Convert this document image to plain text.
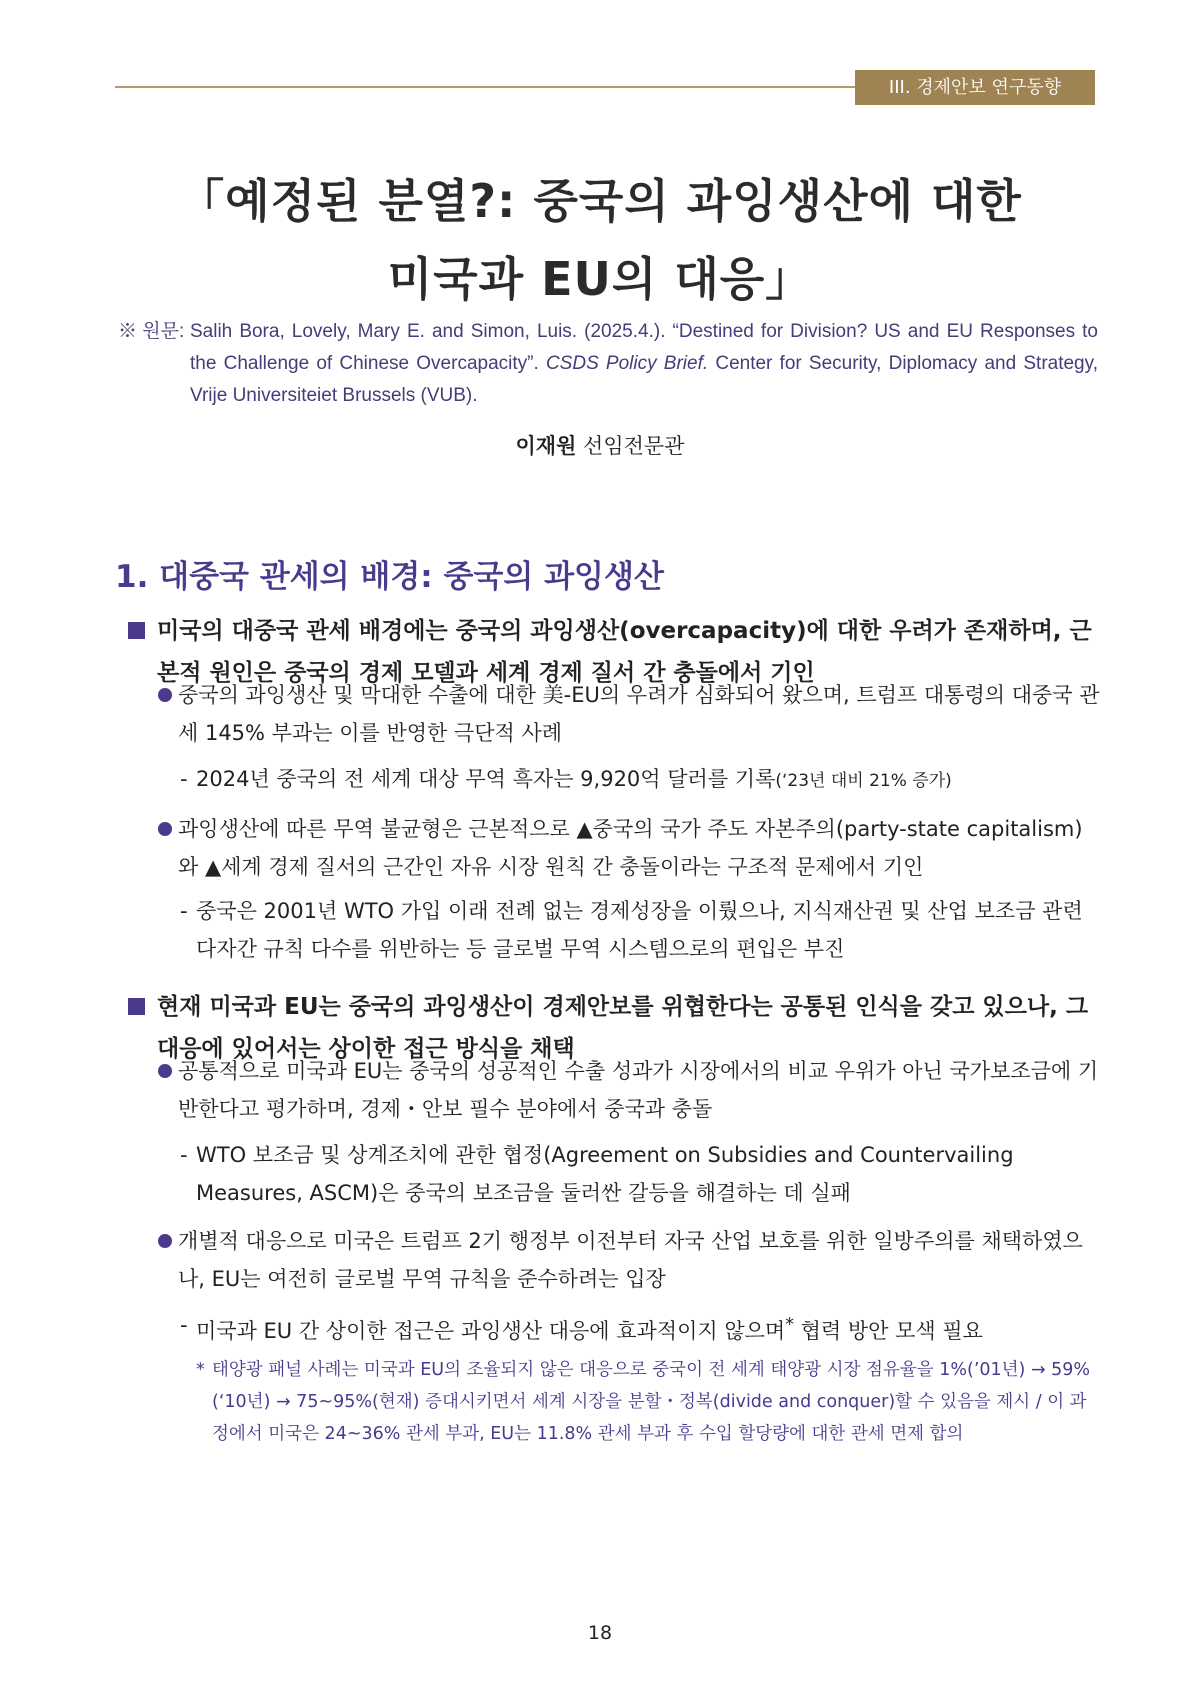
III. 경제안보 연구동향
「예정된 분열?: 중국의 과잉생산에 대한
미국과 EU의 대응」
※ 원문: Salih Bora, Lovely, Mary E. and Simon, Luis. (2025.4.). “Destined for Division? US and EU Responses to the Challenge of Chinese Overcapacity”. CSDS Policy Brief. Center for Security, Diplomacy and Strategy, Vrije Universiteiet Brussels (VUB).
이재원 선임전문관
1. 대중국 관세의 배경: 중국의 과잉생산
미국의 대중국 관세 배경에는 중국의 과잉생산(overcapacity)에 대한 우려가 존재하며, 근본적 원인은 중국의 경제 모델과 세계 경제 질서 간 충돌에서 기인
중국의 과잉생산 및 막대한 수출에 대한 美-EU의 우려가 심화되어 왔으며, 트럼프 대통령의 대중국 관세 145% 부과는 이를 반영한 극단적 사례
- 2024년 중국의 전 세계 대상 무역 흑자는 9,920억 달러를 기록(‘23년 대비 21% 증가)
과잉생산에 따른 무역 불균형은 근본적으로 ▲중국의 국가 주도 자본주의(party-state capitalism)와 ▲세계 경제 질서의 근간인 자유 시장 원칙 간 충돌이라는 구조적 문제에서 기인
- 중국은 2001년 WTO 가입 이래 전례 없는 경제성장을 이뤘으나, 지식재산권 및 산업 보조금 관련 다자간 규칙 다수를 위반하는 등 글로벌 무역 시스템으로의 편입은 부진
현재 미국과 EU는 중국의 과잉생산이 경제안보를 위협한다는 공통된 인식을 갖고 있으나, 그 대응에 있어서는 상이한 접근 방식을 채택
공통적으로 미국과 EU는 중국의 성공적인 수출 성과가 시장에서의 비교 우위가 아닌 국가보조금에 기반한다고 평가하며, 경제・안보 필수 분야에서 중국과 충돌
- WTO 보조금 및 상계조치에 관한 협정(Agreement on Subsidies and Countervailing Measures, ASCM)은 중국의 보조금을 둘러싼 갈등을 해결하는 데 실패
개별적 대응으로 미국은 트럼프 2기 행정부 이전부터 자국 산업 보호를 위한 일방주의를 채택하였으나, EU는 여전히 글로벌 무역 규칙을 준수하려는 입장
- 미국과 EU 간 상이한 접근은 과잉생산 대응에 효과적이지 않으며* 협력 방안 모색 필요
* 태양광 패널 사례는 미국과 EU의 조율되지 않은 대응으로 중국이 전 세계 태양광 시장 점유율을 1%(’01년) → 59%(‘10년) → 75~95%(현재) 증대시키면서 세계 시장을 분할・정복(divide and conquer)할 수 있음을 제시 / 이 과정에서 미국은 24~36% 관세 부과, EU는 11.8% 관세 부과 후 수입 할당량에 대한 관세 면제 합의
18
